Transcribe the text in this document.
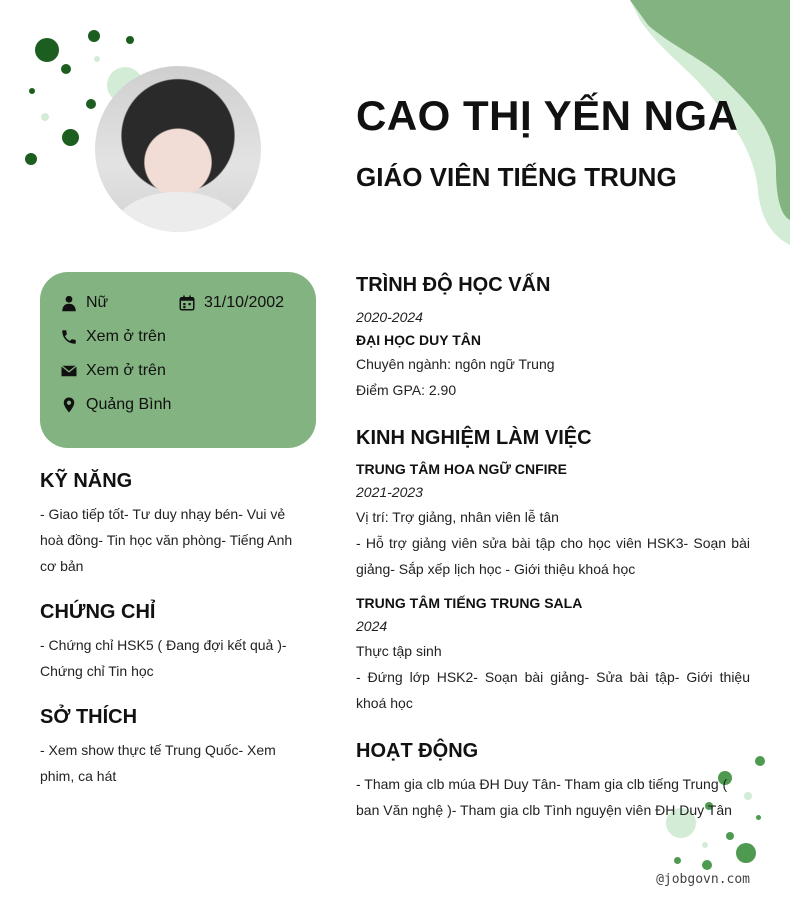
CAO THỊ YẾN NGA
GIÁO VIÊN TIẾNG TRUNG
Nữ	31/10/2002
Xem ở trên
Xem ở trên
Quảng Bình
KỸ NĂNG
- Giao tiếp tốt- Tư duy nhạy bén- Vui vẻ hoà đồng- Tin học văn phòng- Tiếng Anh cơ bản
CHỨNG CHỈ
- Chứng chỉ HSK5 ( Đang đợi kết quả )- Chứng chỉ Tin học
SỞ THÍCH
- Xem show thực tế Trung Quốc- Xem phim, ca hát
TRÌNH ĐỘ HỌC VẤN
2020-2024
ĐẠI HỌC DUY TÂN
Chuyên ngành: ngôn ngữ Trung
Điểm GPA: 2.90
KINH NGHIỆM LÀM VIỆC
TRUNG TÂM HOA NGỮ CNFIRE
2021-2023
Vị trí: Trợ giảng, nhân viên lễ tân
- Hỗ trợ giảng viên sửa bài tập cho học viên HSK3- Soạn bài giảng- Sắp xếp lịch học - Giới thiệu khoá học
TRUNG TÂM TIẾNG TRUNG SALA
2024
Thực tập sinh
- Đứng lớp HSK2- Soạn bài giảng- Sửa bài tập- Giới thiệu khoá học
HOẠT ĐỘNG
- Tham gia clb múa ĐH Duy Tân- Tham gia clb tiếng Trung ( ban Văn nghệ )- Tham gia clb Tình nguyện viên ĐH Duy Tân
@jobgovn.com
